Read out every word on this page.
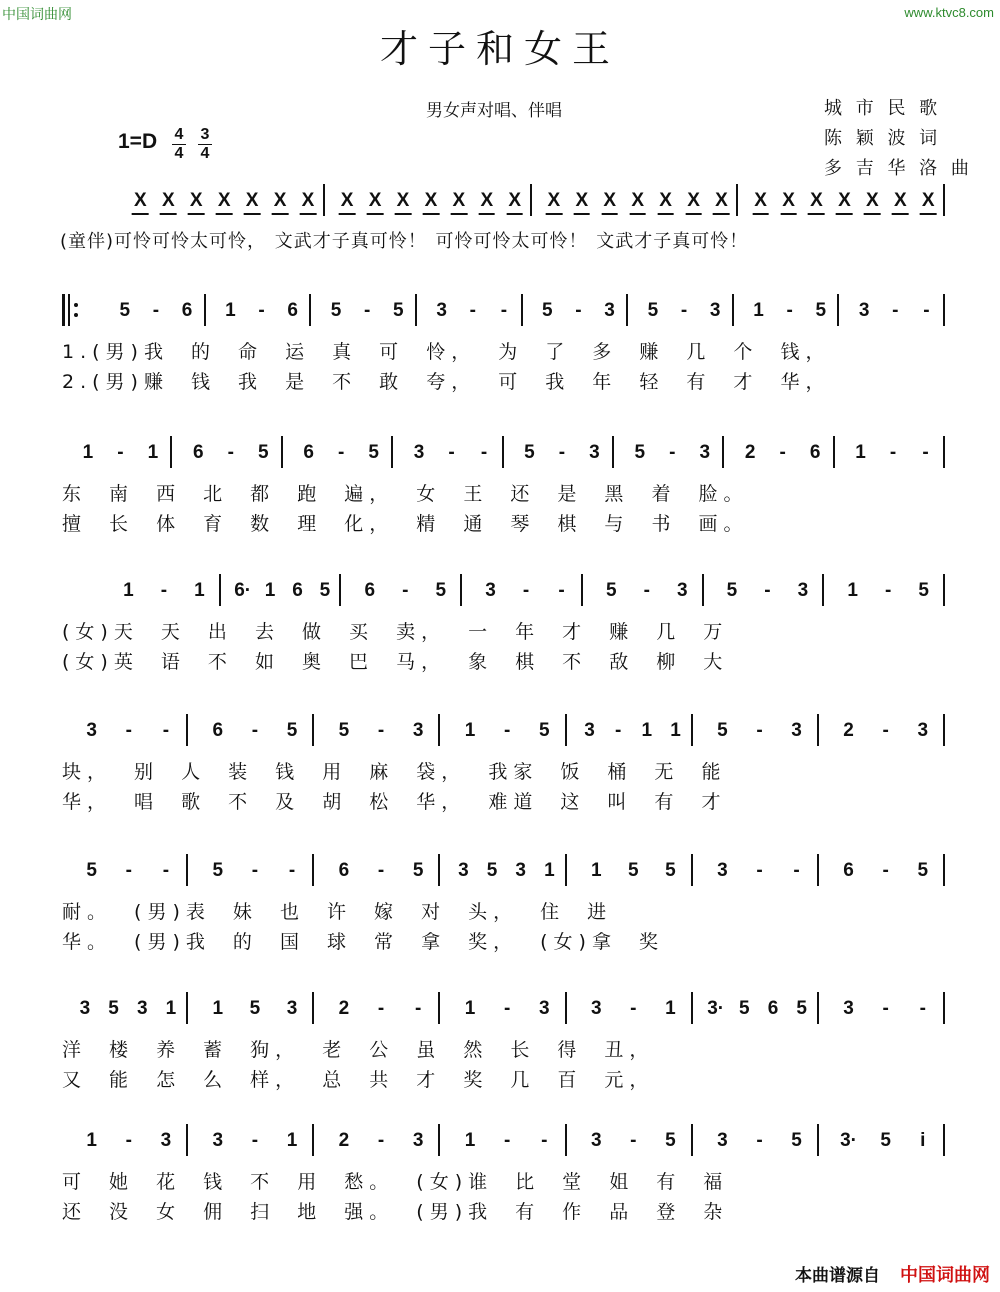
中国词曲网	www.ktvc8.com
才子和女王
男女声对唱、伴唱	城 市 民 歌
陈 颖 波 词
多 吉 华 洛 曲
$1=D \frac{4}{4} \frac{3}{4}$
X X X X X X X X X X X X X X X X X X X X X X X X X X X X
(童伴)可怜可怜太可怜， 文武才子真可怜！ 可怜可怜太可怜！ 文武才子真可怜！
5 - 6 1 - 6 5 - 5 3 - - 5 - 3 5 - 3 1 - 5 3 - -
1.(男)我 的 命 运 真 可 怜， 为 了 多 赚 几 个 钱，
2.(男)赚 钱 我 是 不 敢 夸， 可 我 年 轻 有 才 华，
1 - 1 6 - 5 6 - 5 3 - - 5 - 3 5 - 3 2 - 6 1 - -
东 南 西 北 都 跑 遍， 女 王 还 是 黑 着 脸。
擅 长 体 育 数 理 化， 精 通 琴 棋 与 书 画。
1 - 1 6· 1 6 5 6 - 5 3 - - 5 - 3 5 - 3 1 - 5
(女)天 天 出 去 做 买 卖， 一 年 才 赚 几 万
(女)英 语 不 如 奥 巴 马， 象 棋 不 敌 柳 大
3 - - 6 - 5 5 - 3 1 - 5 3 - 1 1 5 - 3 2 - 3
块， 别 人 装 钱 用 麻 袋， 我家 饭 桶 无 能
华， 唱 歌 不 及 胡 松 华， 难道 这 叫 有 才
5 - - 5 - - 6 - 5 3 5 3 1 1 5 5 3 - - 6 - 5
耐。 (男)表 妹 也 许 嫁 对 头， 住 进
华。 (男)我 的 国 球 常 拿 奖， (女)拿 奖
3 5 3 1 1 5 3 2 - - 1 - 3 3 - 1 3· 5 6 5 3 - -
洋 楼 养 蓄 狗， 老 公 虽 然 长 得 丑，
又 能 怎 么 样， 总 共 才 奖 几 百 元，
1 - 3 3 - 1 2 - 3 1 - - 3 - 5 3 - 5 3· 5 i
可 她 花 钱 不 用 愁。 (女)谁 比 堂 姐 有 福
还 没 女 佣 扫 地 强。 (男)我 有 作 品 登 杂
本曲谱源自 中国词曲网
